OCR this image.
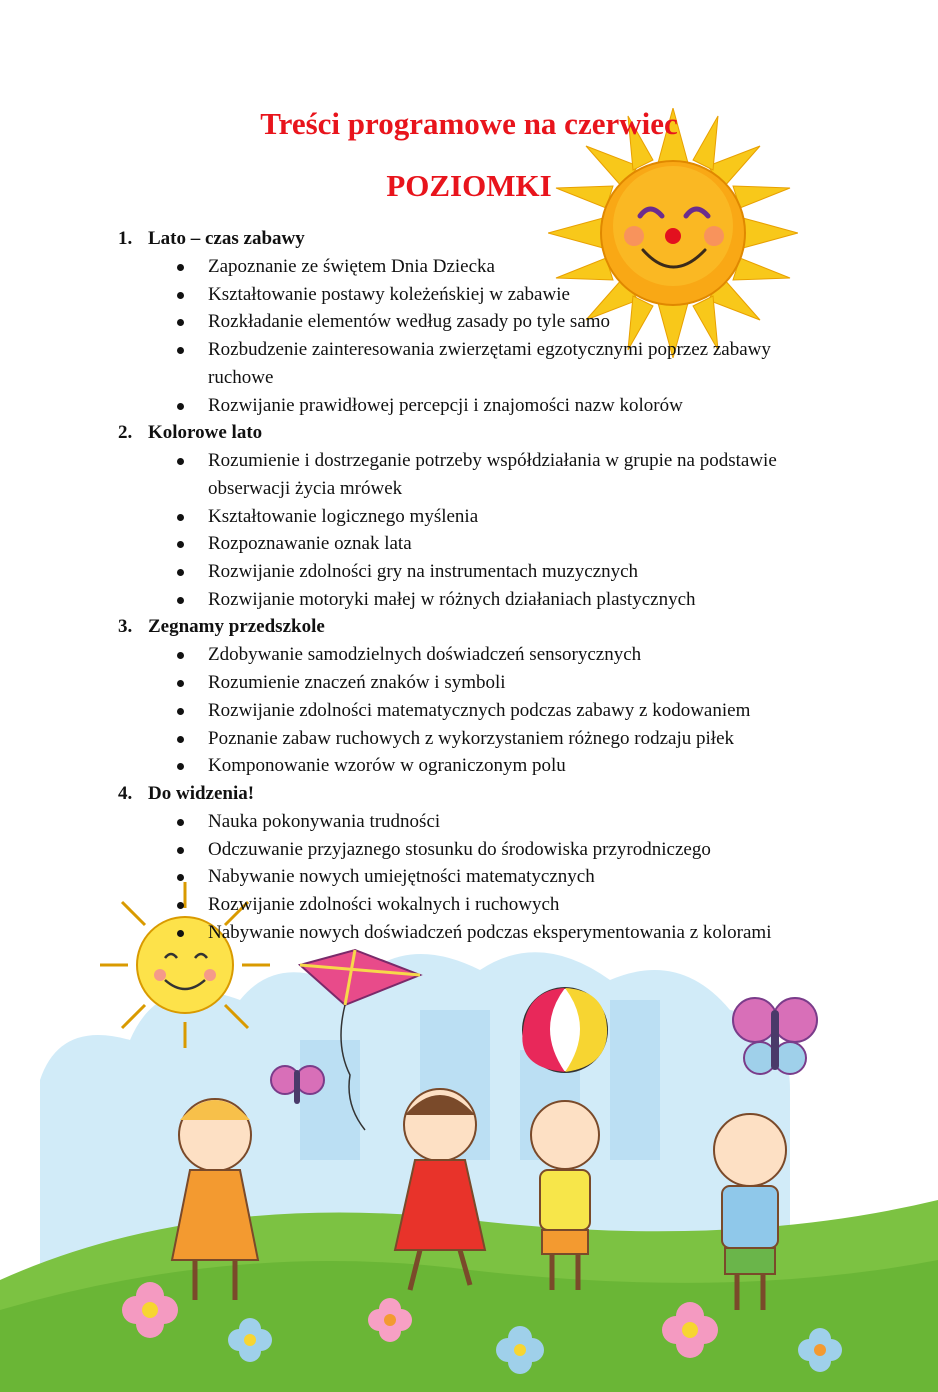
Treści programowe na czerwiec
POZIOMKI
1. Lato – czas zabawy
Zapoznanie ze świętem Dnia Dziecka
Kształtowanie postawy koleżeńskiej w zabawie
Rozkładanie elementów według zasady po tyle samo
Rozbudzenie zainteresowania zwierzętami egzotycznymi poprzez zabawy ruchowe
Rozwijanie prawidłowej percepcji i znajomości nazw kolorów
2. Kolorowe lato
Rozumienie i dostrzeganie potrzeby współdziałania w grupie na podstawie obserwacji życia mrówek
Kształtowanie logicznego myślenia
Rozpoznawanie oznak lata
Rozwijanie zdolności gry na instrumentach muzycznych
Rozwijanie motoryki małej w różnych działaniach plastycznych
3. Zegnamy przedszkole
Zdobywanie samodzielnych doświadczeń sensorycznych
Rozumienie znaczeń znaków i symboli
Rozwijanie zdolności matematycznych podczas zabawy z kodowaniem
Poznanie zabaw ruchowych z wykorzystaniem różnego rodzaju piłek
Komponowanie wzorów w ograniczonym polu
4. Do widzenia!
Nauka pokonywania trudności
Odczuwanie przyjaznego stosunku do środowiska przyrodniczego
Nabywanie nowych umiejętności matematycznych
Rozwijanie zdolności wokalnych i ruchowych
Nabywanie nowych doświadczeń podczas eksperymentowania z kolorami
